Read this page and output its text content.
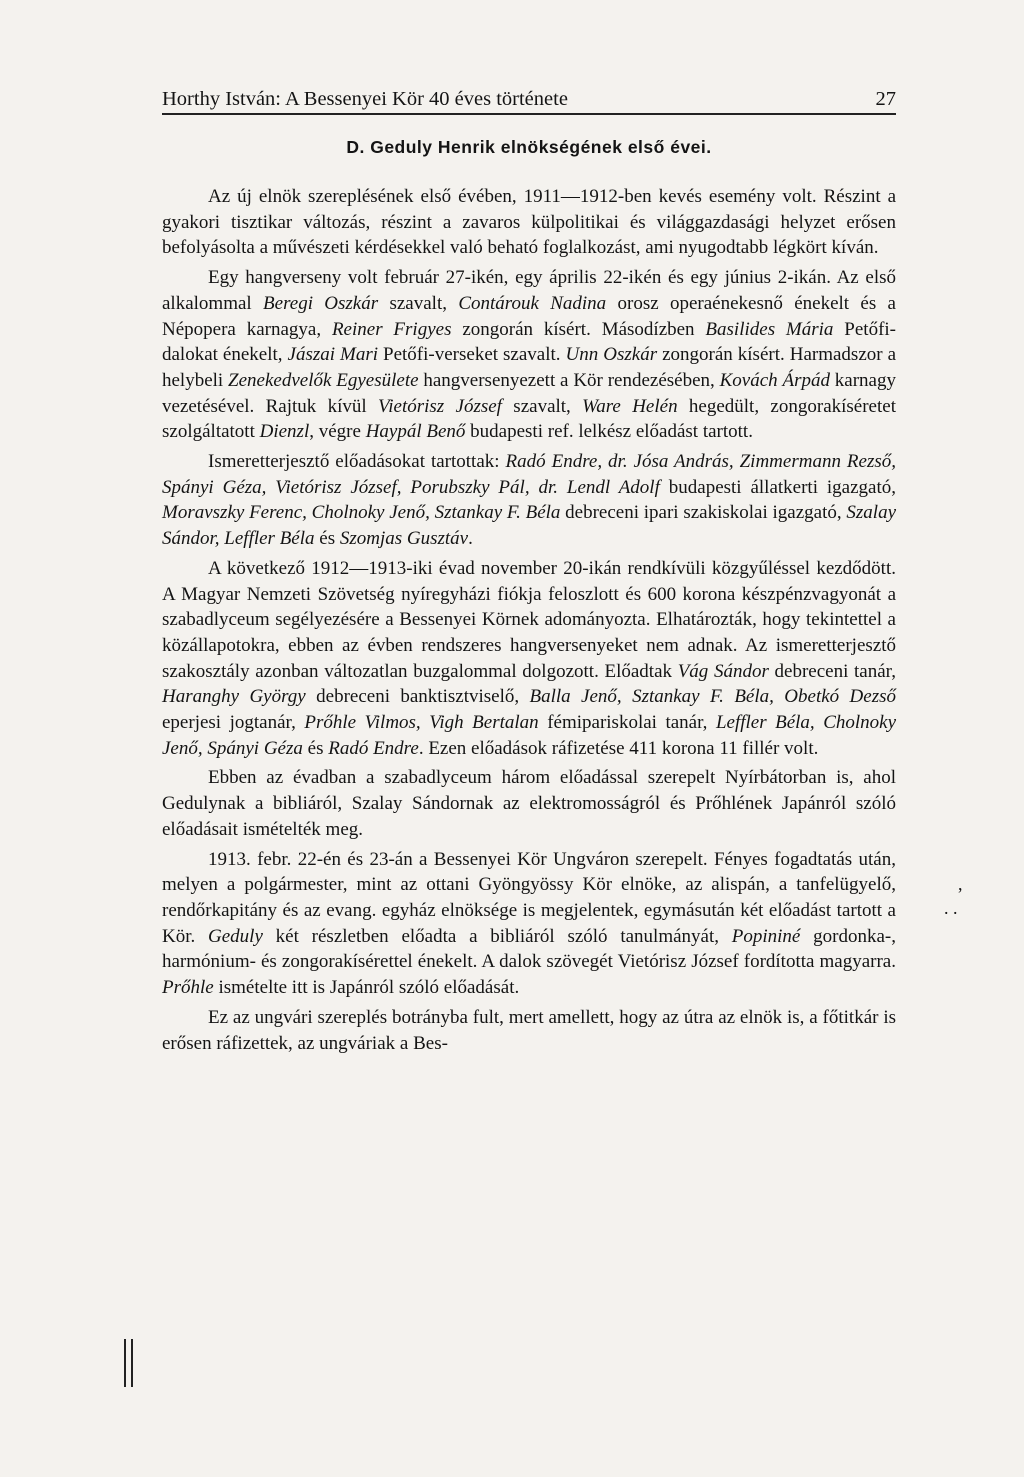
Horthy István: A Bessenyei Kör 40 éves története	27
D. Geduly Henrik elnökségének első évei.

Az új elnök szereplésének első évében, 1911—1912-ben kevés esemény volt. Részint a gyakori tisztikar változás, részint a zavaros külpolitikai és világgazdasági helyzet erősen befolyásolta a művészeti kérdésekkel való beható foglalkozást, ami nyugodtabb légkört kíván.

Egy hangverseny volt február 27-ikén, egy április 22-ikén és egy június 2-ikán. Az első alkalommal Beregi Oszkár szavalt, Contárouk Nadina orosz operaénekesnő énekelt és a Népopera karnagya, Reiner Frigyes zongorán kísért. Másodízben Basilides Mária Petőfi-dalokat énekelt, Jászai Mari Petőfi-verseket szavalt. Unn Oszkár zongorán kísért. Harmadszor a helybeli Zenekedvelők Egyesülete hangversenyezett a Kör rendezésében, Kovách Árpád karnagy vezetésével. Rajtuk kívül Vietórisz József szavalt, Ware Helén hegedült, zongorakíséretet szolgáltatott Dienzl, végre Haypál Benő budapesti ref. lelkész előadást tartott.

Ismeretterjesztő előadásokat tartottak: Radó Endre, dr. Jósa András, Zimmermann Rezső, Spányi Géza, Vietórisz József, Porubszky Pál, dr. Lendl Adolf budapesti állatkerti igazgató, Moravszky Ferenc, Cholnoky Jenő, Sztankay F. Béla debreceni ipari szakiskolai igazgató, Szalay Sándor, Leffler Béla és Szomjas Gusztáv.

A következő 1912—1913-iki évad november 20-ikán rendkívüli közgyűléssel kezdődött. A Magyar Nemzeti Szövetség nyíregyházi fiókja feloszlott és 600 korona készpénzvagyonát a szabadlyceum segélyezésére a Bessenyei Körnek adományozta. Elhatározták, hogy tekintettel a közállapotokra, ebben az évben rendszeres hangversenyeket nem adnak. Az ismeretterjesztő szakosztály azonban változatlan buzgalommal dolgozott. Előadtak Vág Sándor debreceni tanár, Haranghy György debreceni banktisztviselő, Balla Jenő, Sztankay F. Béla, Obetkó Dezső eperjesi jogtanár, Prőhle Vilmos, Vigh Bertalan fémipariskolai tanár, Leffler Béla, Cholnoky Jenő, Spányi Géza és Radó Endre. Ezen előadások ráfizetése 411 korona 11 fillér volt.

Ebben az évadban a szabadlyceum három előadással szerepelt Nyírbátorban is, ahol Gedulynak a bibliáról, Szalay Sándornak az elektromosságról és Prőhlének Japánról szóló előadásait ismételték meg.

1913. febr. 22-én és 23-án a Bessenyei Kör Ungváron szerepelt. Fényes fogadtatás után, melyen a polgármester, mint az ottani Gyöngyössy Kör elnöke, az alispán, a tanfelügyelő, rendőrkapitány és az evang. egyház elnöksége is megjelentek, egymásután két előadást tartott a Kör. Geduly két részletben előadta a bibliáról szóló tanulmányát, Popininé gordonka-, harmónium- és zongorakísérettel énekelt. A dalok szövegét Vietórisz József fordította magyarra. Prőhle ismételte itt is Japánról szóló előadását.

Ez az ungvári szereplés botrányba fult, mert amellett, hogy az útra az elnök is, a főtitkár is erősen ráfizettek, az ungváriak a Bes-

,
. .
